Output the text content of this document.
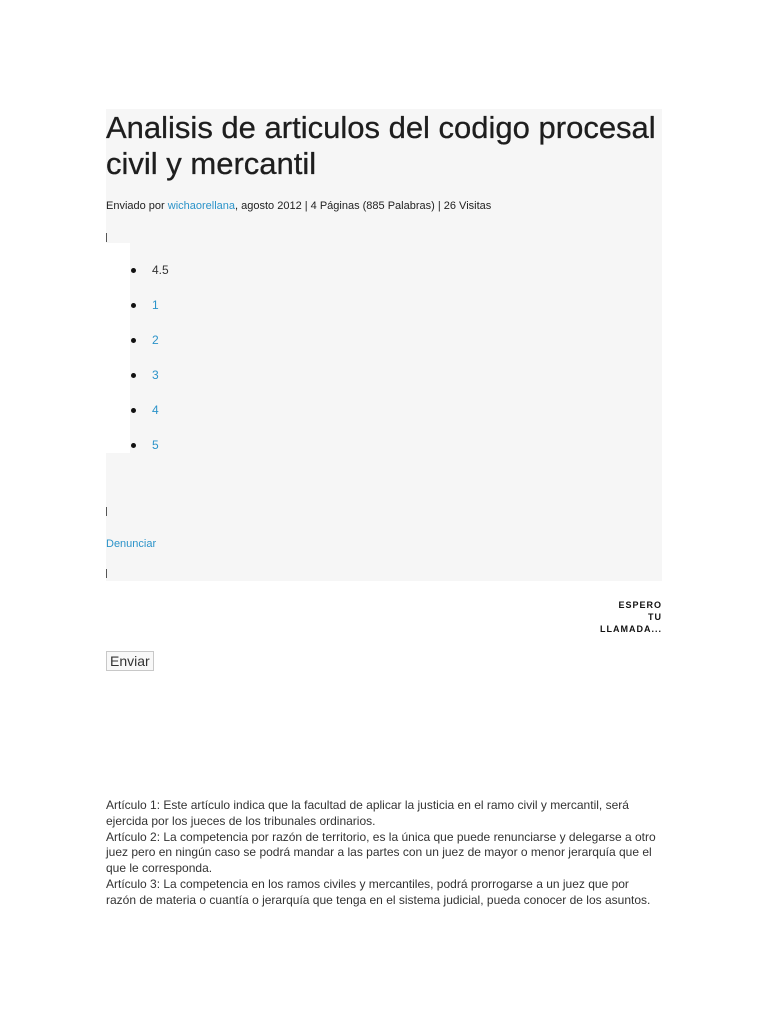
Analisis de articulos del codigo procesal civil y mercantil
Enviado por wichaorellana, agosto 2012 | 4 Páginas (885 Palabras) | 26 Visitas
4.5
1
2
3
4
5
Denunciar
ESPERO
TU
LLAMADA...
Enviar

Artículo 1: Este artículo indica que la facultad de aplicar la justicia en el ramo civil y mercantil, será ejercida por los jueces de los tribunales ordinarios.

Artículo 2: La competencia por razón de territorio, es la única que puede renunciarse y delegarse a otro juez pero en ningún caso se podrá mandar a las partes con un juez de mayor o menor jerarquía que el que le corresponda.

Artículo 3: La competencia en los ramos civiles y mercantiles, podrá prorrogarse a un juez que por razón de materia o cuantía o jerarquía que tenga en el sistema judicial, pueda conocer de los asuntos.
